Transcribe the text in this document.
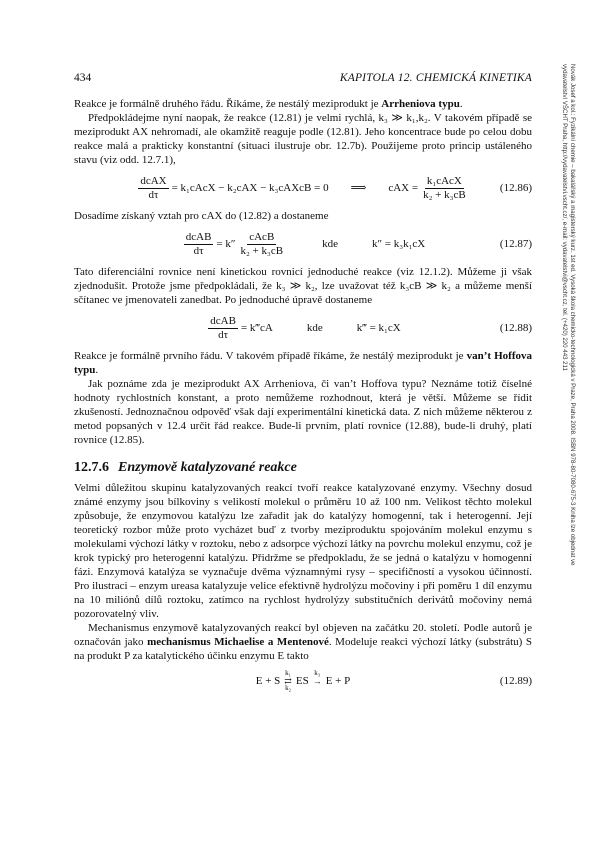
434	KAPITOLA 12. CHEMICKÁ KINETIKA	Novák Josef a kol.: Fyzikální chemie – bakalářský a magisterský kurz. 1st ed. Vysoká škola chemicko-technologická v Praze, Praha 2008. ISBN 978-80-7080-675-3 Kniha lze objednat ve vydavatelství VŠCHT Praha, http://vydavatelstvi.vscht.cz/, e-mail: vydavatelstvi@vscht.cz, tel. (+420) 220 443 211

Reakce je formálně druhého řádu. Říkáme, že nestálý meziprodukt je Arrheniova typu.

Předpokládejme nyní naopak, že reakce (12.81) je velmi rychlá, k₃ ≫ k₁,k₂. V takovém případě se meziprodukt AX nehromadí, ale okamžitě reaguje podle (12.81). Jeho koncentrace bude po celou dobu reakce malá a prakticky konstantní (situaci ilustruje obr. 12.7b). Použijeme proto princip ustáleného stavu (viz odd. 12.7.1),

$\frac{\text{dcAX}}{d\tau}$ = k₁cAcX − k₂cAX − k₃cAXcB = 0 ⟹ cAX = $\frac{\text{k₁cAcX}}{\text{k₂ + k₃cB}}$	(12.86)

Dosadíme získaný vztah pro cAX do (12.82) a dostaneme

$\frac{\text{dcAB}}{d\tau} = k'' \frac{\text{cAcB}}{\text{k₂ + k₃cB}}$	kde	k″ = k₃k₁cX	(12.87)

Tato diferenciální rovnice není kinetickou rovnicí jednoduché reakce (viz 12.1.2). Můžeme ji však zjednodušit. Protože jsme předpokládali, že k₃ ≫ k₂, lze uvažovat též k₃cB ≫ k₂ a můžeme menší sčítanec ve jmenovateli zanedbat. Po jednoduché úpravě dostaneme

$\frac{\text{dcAB}}{d\tau}$ = k‴cA	kde	k‴ = k₁cX	(12.88)

Reakce je formálně prvního řádu. V takovém případě říkáme, že nestálý meziprodukt je van’t Hoffova typu.

Jak poznáme zda je meziprodukt AX Arrheniova, či van’t Hoffova typu? Neznáme totiž číselné hodnoty rychlostních konstant, a proto nemůžeme rozhodnout, která je větší. Můžeme se řídit zkušeností. Jednoznačnou odpověď však dají experimentální kinetická data. Z nich můžeme některou z metod popsaných v 12.4 určit řád reakce. Bude-li prvním, platí rovnice (12.88), bude-li druhý, platí rovnice (12.85).

12.7.6 Enzymově katalyzované reakce

Velmi důležitou skupinu katalyzovaných reakcí tvoří reakce katalyzované enzymy. Všechny dosud známé enzymy jsou bílkoviny s velikostí molekul o průměru 10 až 100 nm. Velikost těchto molekul způsobuje, že enzymovou katalýzu lze zařadit jak do katalýzy homogenní, tak i heterogenní. Její teoretický rozbor může proto vycházet buď z tvorby meziproduktu spojováním molekul enzymu s molekulami výchozí látky v roztoku, nebo z adsorpce výchozí látky na povrchu molekul enzymu, což je krok typický pro heterogenní katalýzu. Přidržme se předpokladu, že se jedná o katalýzu v homogenní fázi. Enzymová katalýza se vyznačuje dvěma významnými rysy – specifičností a vysokou účinností. Pro ilustraci – enzym ureasa katalyzuje velice efektivně hydrolýzu močoviny i při poměru 1 díl enzymu na 10 miliónů dílů roztoku, zatímco na rychlost hydrolýzy substitučních derivátů močoviny nemá pozorovatelný vliv.

Mechanismus enzymově katalyzovaných reakcí byl objeven na začátku 20. století. Podle autorů je označován jako mechanismus Michaelise a Mentenové. Modeluje reakci výchozí látky (substrátu) S na produkt P za katalytického účinku enzymu E takto

E + S
k₁
⇄
k₂
ES
k₃
→
E + P	(12.89)
